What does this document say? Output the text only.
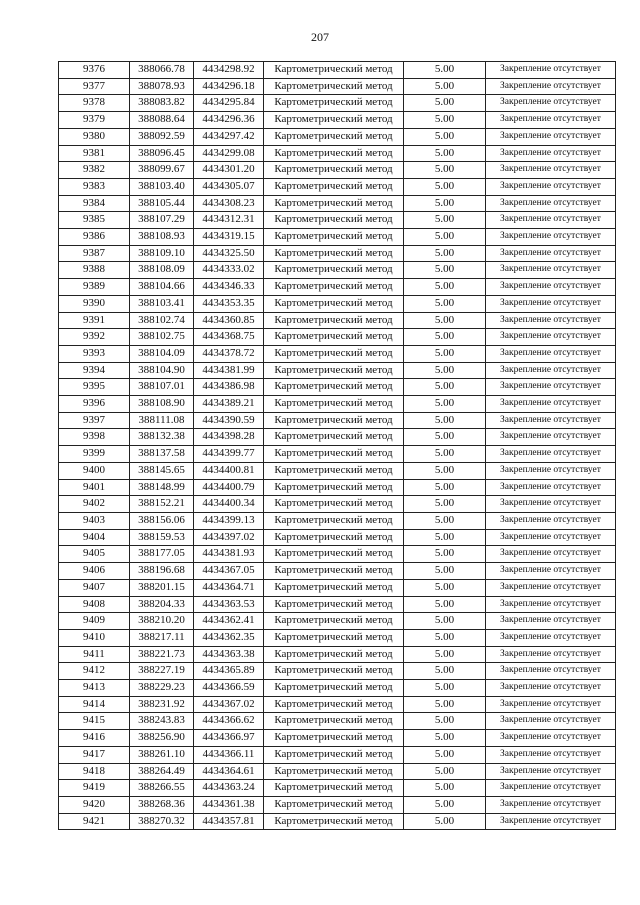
207
9376	388066.78	4434298.92	Картометрический метод	5.00	Закрепление отсутствует
9377	388078.93	4434296.18	Картометрический метод	5.00	Закрепление отсутствует
9378	388083.82	4434295.84	Картометрический метод	5.00	Закрепление отсутствует
9379	388088.64	4434296.36	Картометрический метод	5.00	Закрепление отсутствует
9380	388092.59	4434297.42	Картометрический метод	5.00	Закрепление отсутствует
9381	388096.45	4434299.08	Картометрический метод	5.00	Закрепление отсутствует
9382	388099.67	4434301.20	Картометрический метод	5.00	Закрепление отсутствует
9383	388103.40	4434305.07	Картометрический метод	5.00	Закрепление отсутствует
9384	388105.44	4434308.23	Картометрический метод	5.00	Закрепление отсутствует
9385	388107.29	4434312.31	Картометрический метод	5.00	Закрепление отсутствует
9386	388108.93	4434319.15	Картометрический метод	5.00	Закрепление отсутствует
9387	388109.10	4434325.50	Картометрический метод	5.00	Закрепление отсутствует
9388	388108.09	4434333.02	Картометрический метод	5.00	Закрепление отсутствует
9389	388104.66	4434346.33	Картометрический метод	5.00	Закрепление отсутствует
9390	388103.41	4434353.35	Картометрический метод	5.00	Закрепление отсутствует
9391	388102.74	4434360.85	Картометрический метод	5.00	Закрепление отсутствует
9392	388102.75	4434368.75	Картометрический метод	5.00	Закрепление отсутствует
9393	388104.09	4434378.72	Картометрический метод	5.00	Закрепление отсутствует
9394	388104.90	4434381.99	Картометрический метод	5.00	Закрепление отсутствует
9395	388107.01	4434386.98	Картометрический метод	5.00	Закрепление отсутствует
9396	388108.90	4434389.21	Картометрический метод	5.00	Закрепление отсутствует
9397	388111.08	4434390.59	Картометрический метод	5.00	Закрепление отсутствует
9398	388132.38	4434398.28	Картометрический метод	5.00	Закрепление отсутствует
9399	388137.58	4434399.77	Картометрический метод	5.00	Закрепление отсутствует
9400	388145.65	4434400.81	Картометрический метод	5.00	Закрепление отсутствует
9401	388148.99	4434400.79	Картометрический метод	5.00	Закрепление отсутствует
9402	388152.21	4434400.34	Картометрический метод	5.00	Закрепление отсутствует
9403	388156.06	4434399.13	Картометрический метод	5.00	Закрепление отсутствует
9404	388159.53	4434397.02	Картометрический метод	5.00	Закрепление отсутствует
9405	388177.05	4434381.93	Картометрический метод	5.00	Закрепление отсутствует
9406	388196.68	4434367.05	Картометрический метод	5.00	Закрепление отсутствует
9407	388201.15	4434364.71	Картометрический метод	5.00	Закрепление отсутствует
9408	388204.33	4434363.53	Картометрический метод	5.00	Закрепление отсутствует
9409	388210.20	4434362.41	Картометрический метод	5.00	Закрепление отсутствует
9410	388217.11	4434362.35	Картометрический метод	5.00	Закрепление отсутствует
9411	388221.73	4434363.38	Картометрический метод	5.00	Закрепление отсутствует
9412	388227.19	4434365.89	Картометрический метод	5.00	Закрепление отсутствует
9413	388229.23	4434366.59	Картометрический метод	5.00	Закрепление отсутствует
9414	388231.92	4434367.02	Картометрический метод	5.00	Закрепление отсутствует
9415	388243.83	4434366.62	Картометрический метод	5.00	Закрепление отсутствует
9416	388256.90	4434366.97	Картометрический метод	5.00	Закрепление отсутствует
9417	388261.10	4434366.11	Картометрический метод	5.00	Закрепление отсутствует
9418	388264.49	4434364.61	Картометрический метод	5.00	Закрепление отсутствует
9419	388266.55	4434363.24	Картометрический метод	5.00	Закрепление отсутствует
9420	388268.36	4434361.38	Картометрический метод	5.00	Закрепление отсутствует
9421	388270.32	4434357.81	Картометрический метод	5.00	Закрепление отсутствует
